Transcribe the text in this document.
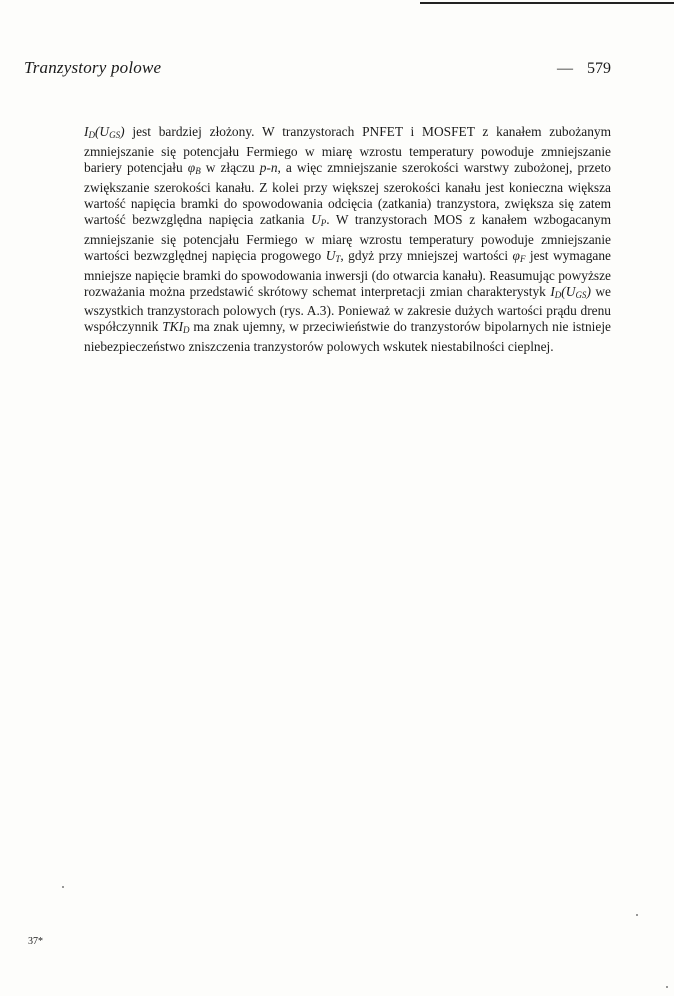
Tranzystory polowe	— 579

$I_D(U_{GS})$ jest bardziej złożony. W tranzystorach PNFET i MOSFET z kanałem zubożanym zmniejszanie się potencjału Fermiego w miarę wzrostu temperatury powoduje zmniejszanie bariery potencjału $\varphi_B$ w złączu p-n, a więc zmniejszanie szerokości warstwy zubożonej, przeto zwiększanie szerokości kanału. Z kolei przy większej szerokości kanału jest konieczna większa wartość napięcia bramki do spowodowania odcięcia (zatkania) tranzystora, zwiększa się zatem wartość bezwzględna napięcia zatkania $U_P$. W tranzystorach MOS z kanałem wzbogacanym zmniejszanie się potencjału Fermiego w miarę wzrostu temperatury powoduje zmniejszanie wartości bezwzględnej napięcia progowego $U_T$, gdyż przy mniejszej wartości $\varphi_F$ jest wymagane mniejsze napięcie bramki do spowodowania inwersji (do otwarcia kanału). Reasumując powyższe rozważania można przedstawić skrótowy schemat interpretacji zmian charakterystyk $I_D(U_{GS})$ we wszystkich tranzystorach polowych (rys. A.3). Ponieważ w zakresie dużych wartości prądu drenu współczynnik $TKI_D$ ma znak ujemny, w przeciwieństwie do tranzystorów bipolarnych nie istnieje niebezpieczeństwo zniszczenia tranzystorów polowych wskutek niestabilności cieplnej.

37*
